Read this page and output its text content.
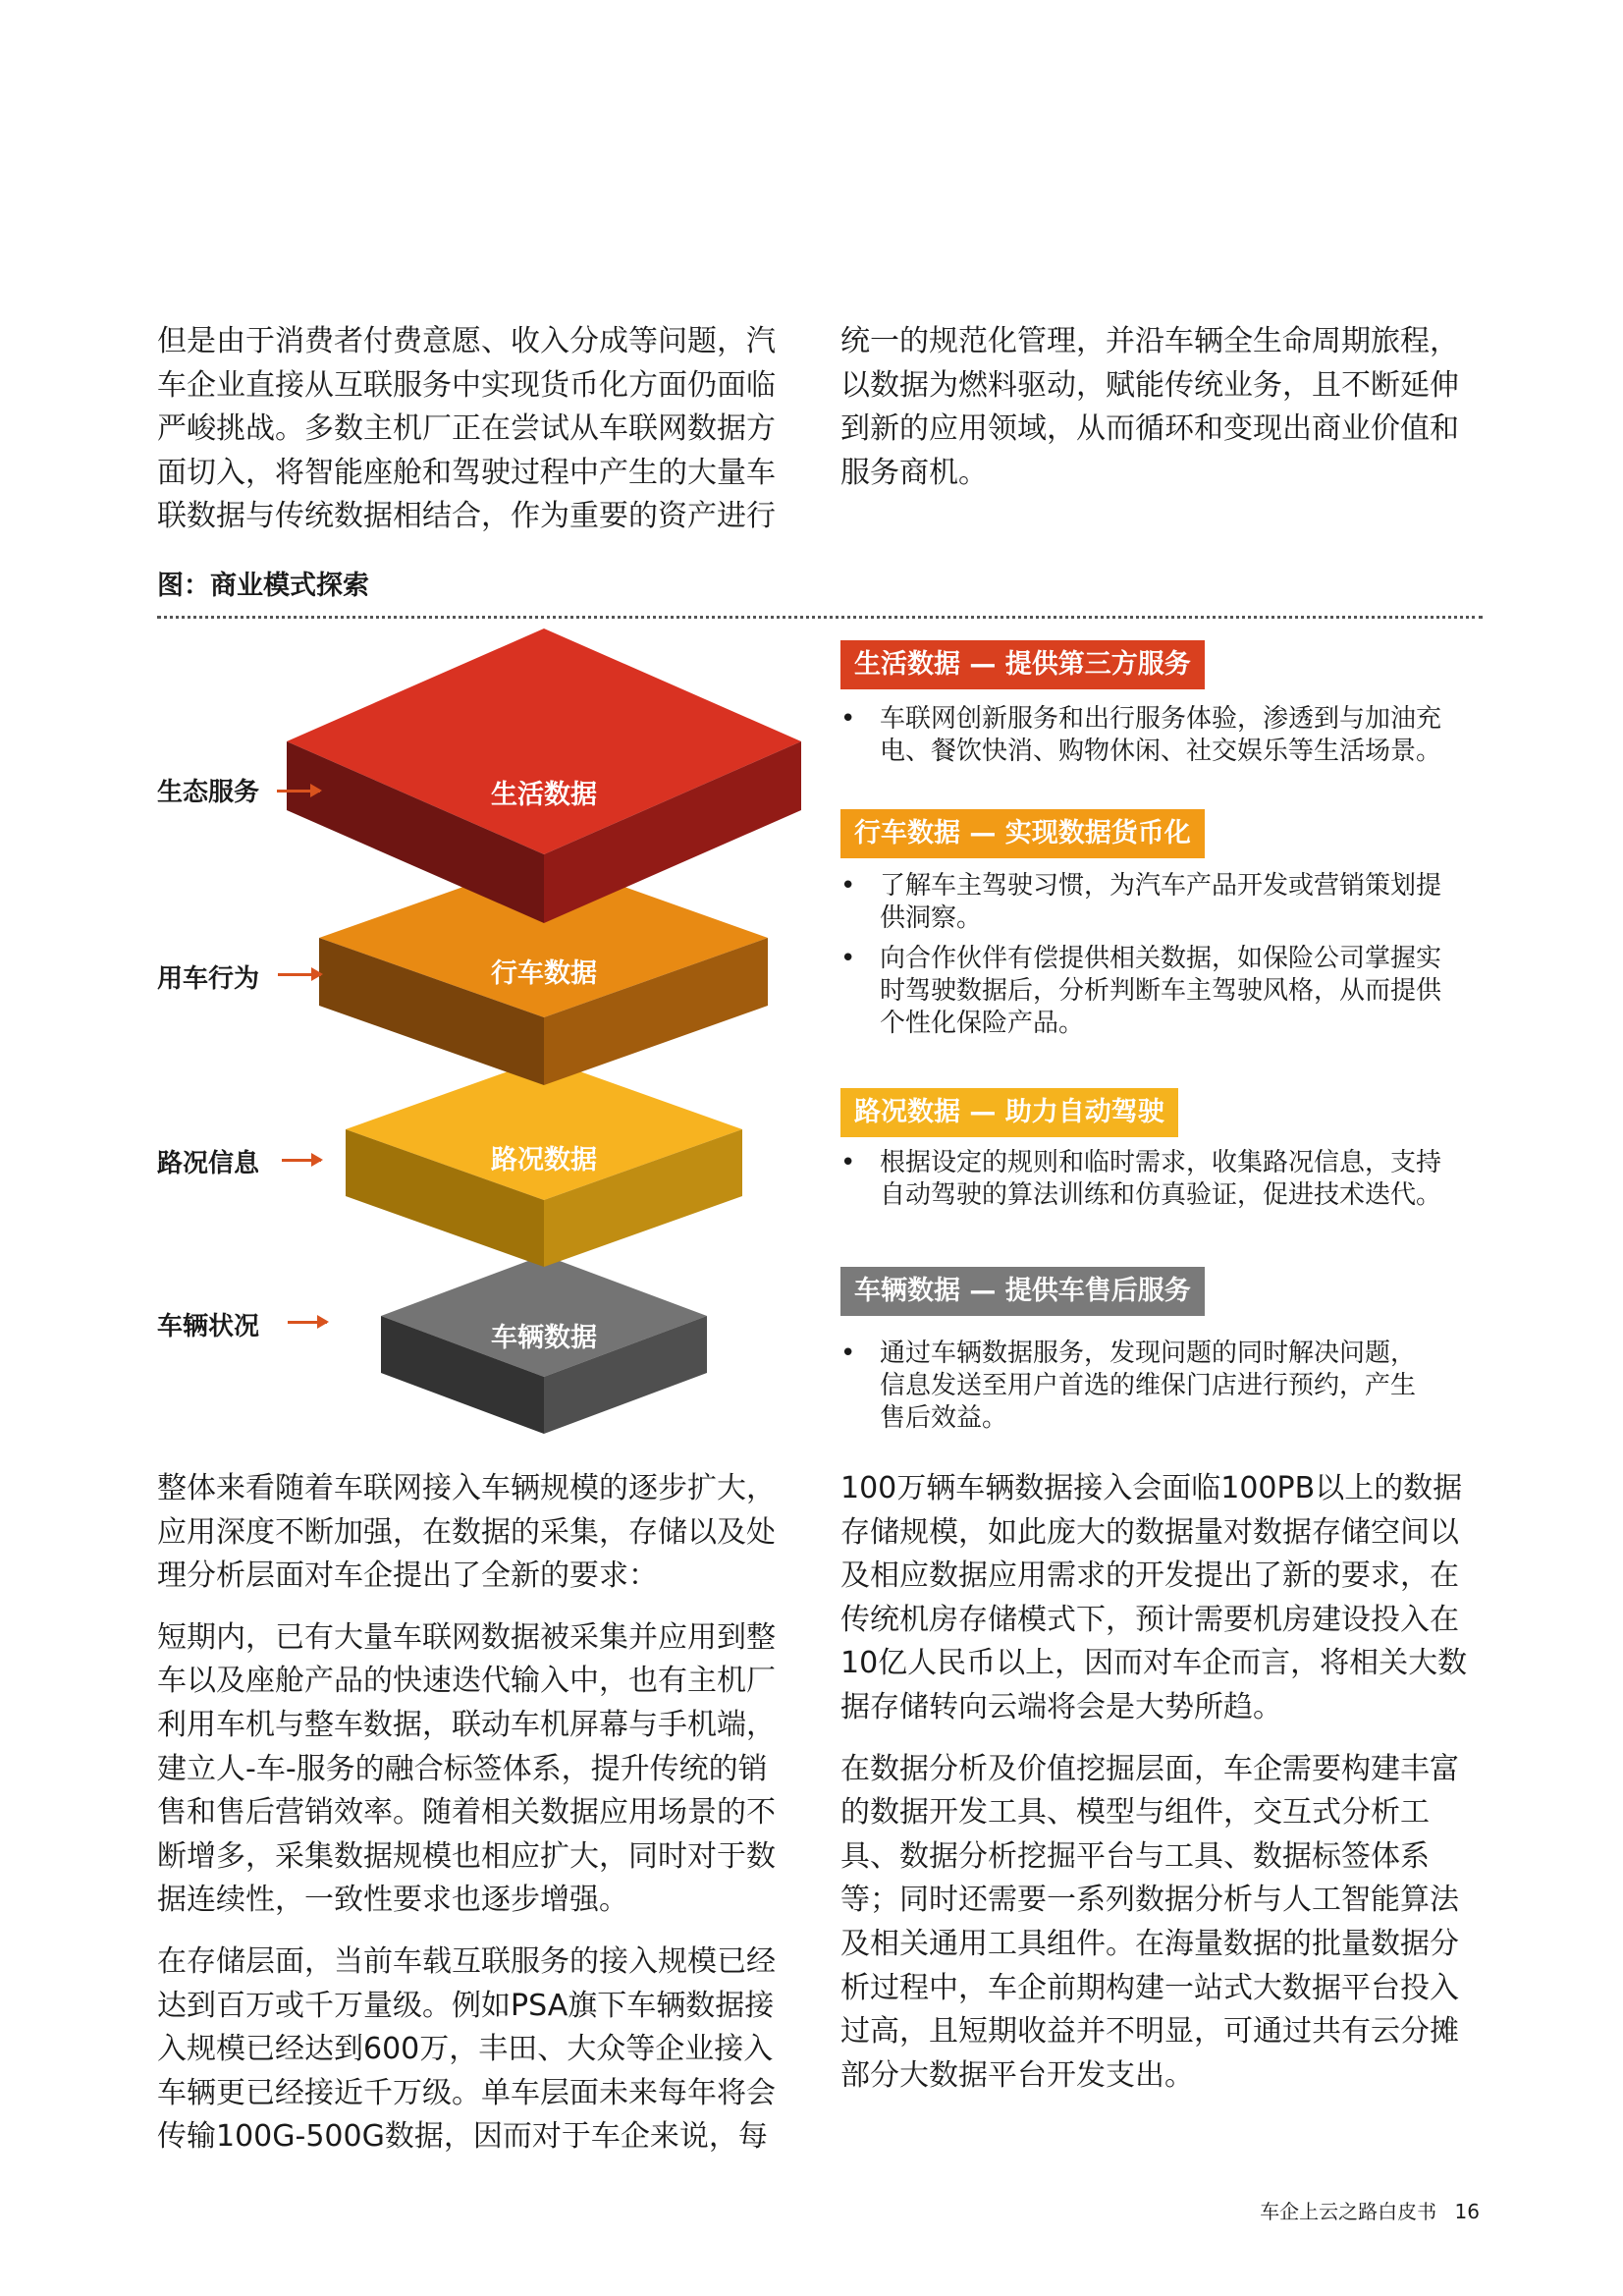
但是由于消费者付费意愿、收入分成等问题，汽
车企业直接从互联服务中实现货币化方面仍面临
严峻挑战。多数主机厂正在尝试从车联网数据方
面切入，将智能座舱和驾驶过程中产生的大量车
联数据与传统数据相结合，作为重要的资产进行

统一的规范化管理，并沿车辆全生命周期旅程，
以数据为燃料驱动，赋能传统业务，且不断延伸
到新的应用领域，从而循环和变现出商业价值和
服务商机。

图：商业模式探索
车辆数据
路况数据
行车数据
生活数据
生态服务
用车行为
路况信息
车辆状况
生活数据 — 提供第三方服务
• 车联网创新服务和出行服务体验，渗透到与加油充
电、餐饮快消、购物休闲、社交娱乐等生活场景。
行车数据 — 实现数据货币化
• 了解车主驾驶习惯，为汽车产品开发或营销策划提
供洞察。
• 向合作伙伴有偿提供相关数据，如保险公司掌握实
时驾驶数据后，分析判断车主驾驶风格，从而提供
个性化保险产品。
路况数据 — 助力自动驾驶
• 根据设定的规则和临时需求，收集路况信息，支持
自动驾驶的算法训练和仿真验证，促进技术迭代。
车辆数据 — 提供车售后服务
• 通过车辆数据服务，发现问题的同时解决问题，
信息发送至用户首选的维保门店进行预约，产生
售后效益。

整体来看随着车联网接入车辆规模的逐步扩大，
应用深度不断加强，在数据的采集，存储以及处
理分析层面对车企提出了全新的要求：

短期内，已有大量车联网数据被采集并应用到整
车以及座舱产品的快速迭代输入中，也有主机厂
利用车机与整车数据，联动车机屏幕与手机端，
建立人-车-服务的融合标签体系，提升传统的销
售和售后营销效率。随着相关数据应用场景的不
断增多，采集数据规模也相应扩大，同时对于数
据连续性，一致性要求也逐步增强。

在存储层面，当前车载互联服务的接入规模已经
达到百万或千万量级。例如PSA旗下车辆数据接
入规模已经达到600万，丰田、大众等企业接入
车辆更已经接近千万级。单车层面未来每年将会
传输100G-500G数据，因而对于车企来说，每

100万辆车辆数据接入会面临100PB以上的数据
存储规模，如此庞大的数据量对数据存储空间以
及相应数据应用需求的开发提出了新的要求，在
传统机房存储模式下，预计需要机房建设投入在
10亿人民币以上，因而对车企而言，将相关大数
据存储转向云端将会是大势所趋。

在数据分析及价值挖掘层面，车企需要构建丰富
的数据开发工具、模型与组件，交互式分析工
具、数据分析挖掘平台与工具、数据标签体系
等；同时还需要一系列数据分析与人工智能算法
及相关通用工具组件。在海量数据的批量数据分
析过程中，车企前期构建一站式大数据平台投入
过高，且短期收益并不明显，可通过共有云分摊
部分大数据平台开发支出。

车企上云之路白皮书 16
